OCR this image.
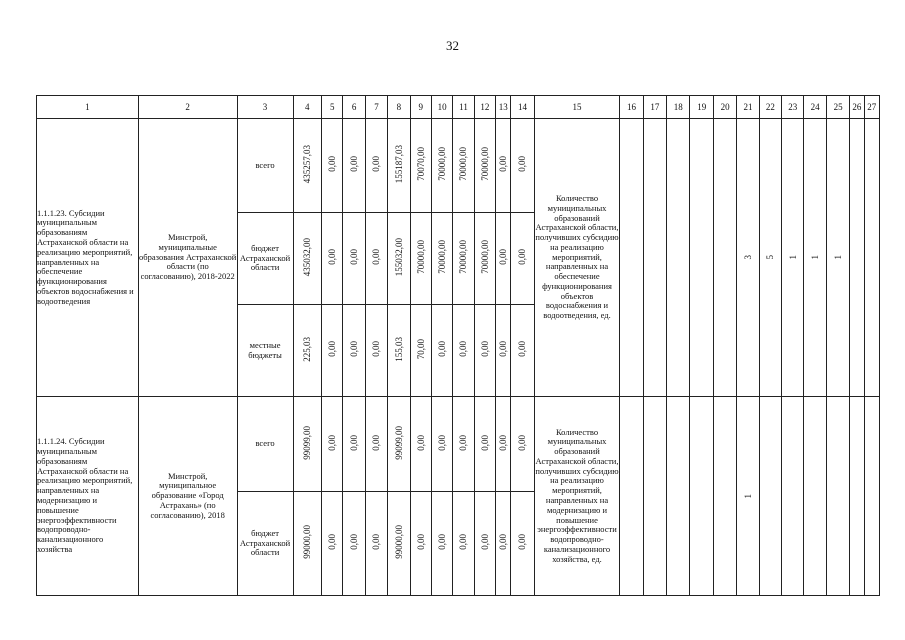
32
1	2	3	4	5	6	7	8	9	10	11	12	13	14	15	16	17	18	19	20	21	22	23	24	25	26	27
1.1.1.23. Субсидии муниципальным образованиям Астраханской области на реализацию мероприятий, направленных на обеспечение функционирования объектов водоснабжения и водоотведения	Минстрой, муниципальные образования Астраханской области (по согласованию), 2018-2022	всего	435257,03	0,00	0,00	0,00	155187,03	70070,00	70000,00	70000,00	70000,00	0,00	0,00	Количество муниципальных образований Астраханской области, получивших субсидию на реализацию мероприятий, направленных на обеспечение функционирования объектов водоснабжения и водоотведения, ед.						3	5	1	1	1		
		бюджет Астраханской области	435032,00	0,00	0,00	0,00	155032,00	70000,00	70000,00	70000,00	70000,00	0,00	0,00													
		местные бюджеты	225,03	0,00	0,00	0,00	155,03	70,00	0,00	0,00	0,00	0,00	0,00													
1.1.1.24. Субсидии муниципальным образованиям Астраханской области на реализацию мероприятий, направленных на модернизацию и повышение энергоэффективности водопроводно-канализационного хозяйства	Минстрой, муниципальное образование «Город Астрахань» (по согласованию), 2018	всего	99099,00	0,00	0,00	0,00	99099,00	0,00	0,00	0,00	0,00	0,00	0,00	Количество муниципальных образований Астраханской области, получивших субсидию на реализацию мероприятий, направленных на модернизацию и повышение энергоэффективности водопроводно-канализационного хозяйства, ед.						1						
		бюджет Астраханской области	99000,00	0,00	0,00	0,00	99000,00	0,00	0,00	0,00	0,00	0,00	0,00													
